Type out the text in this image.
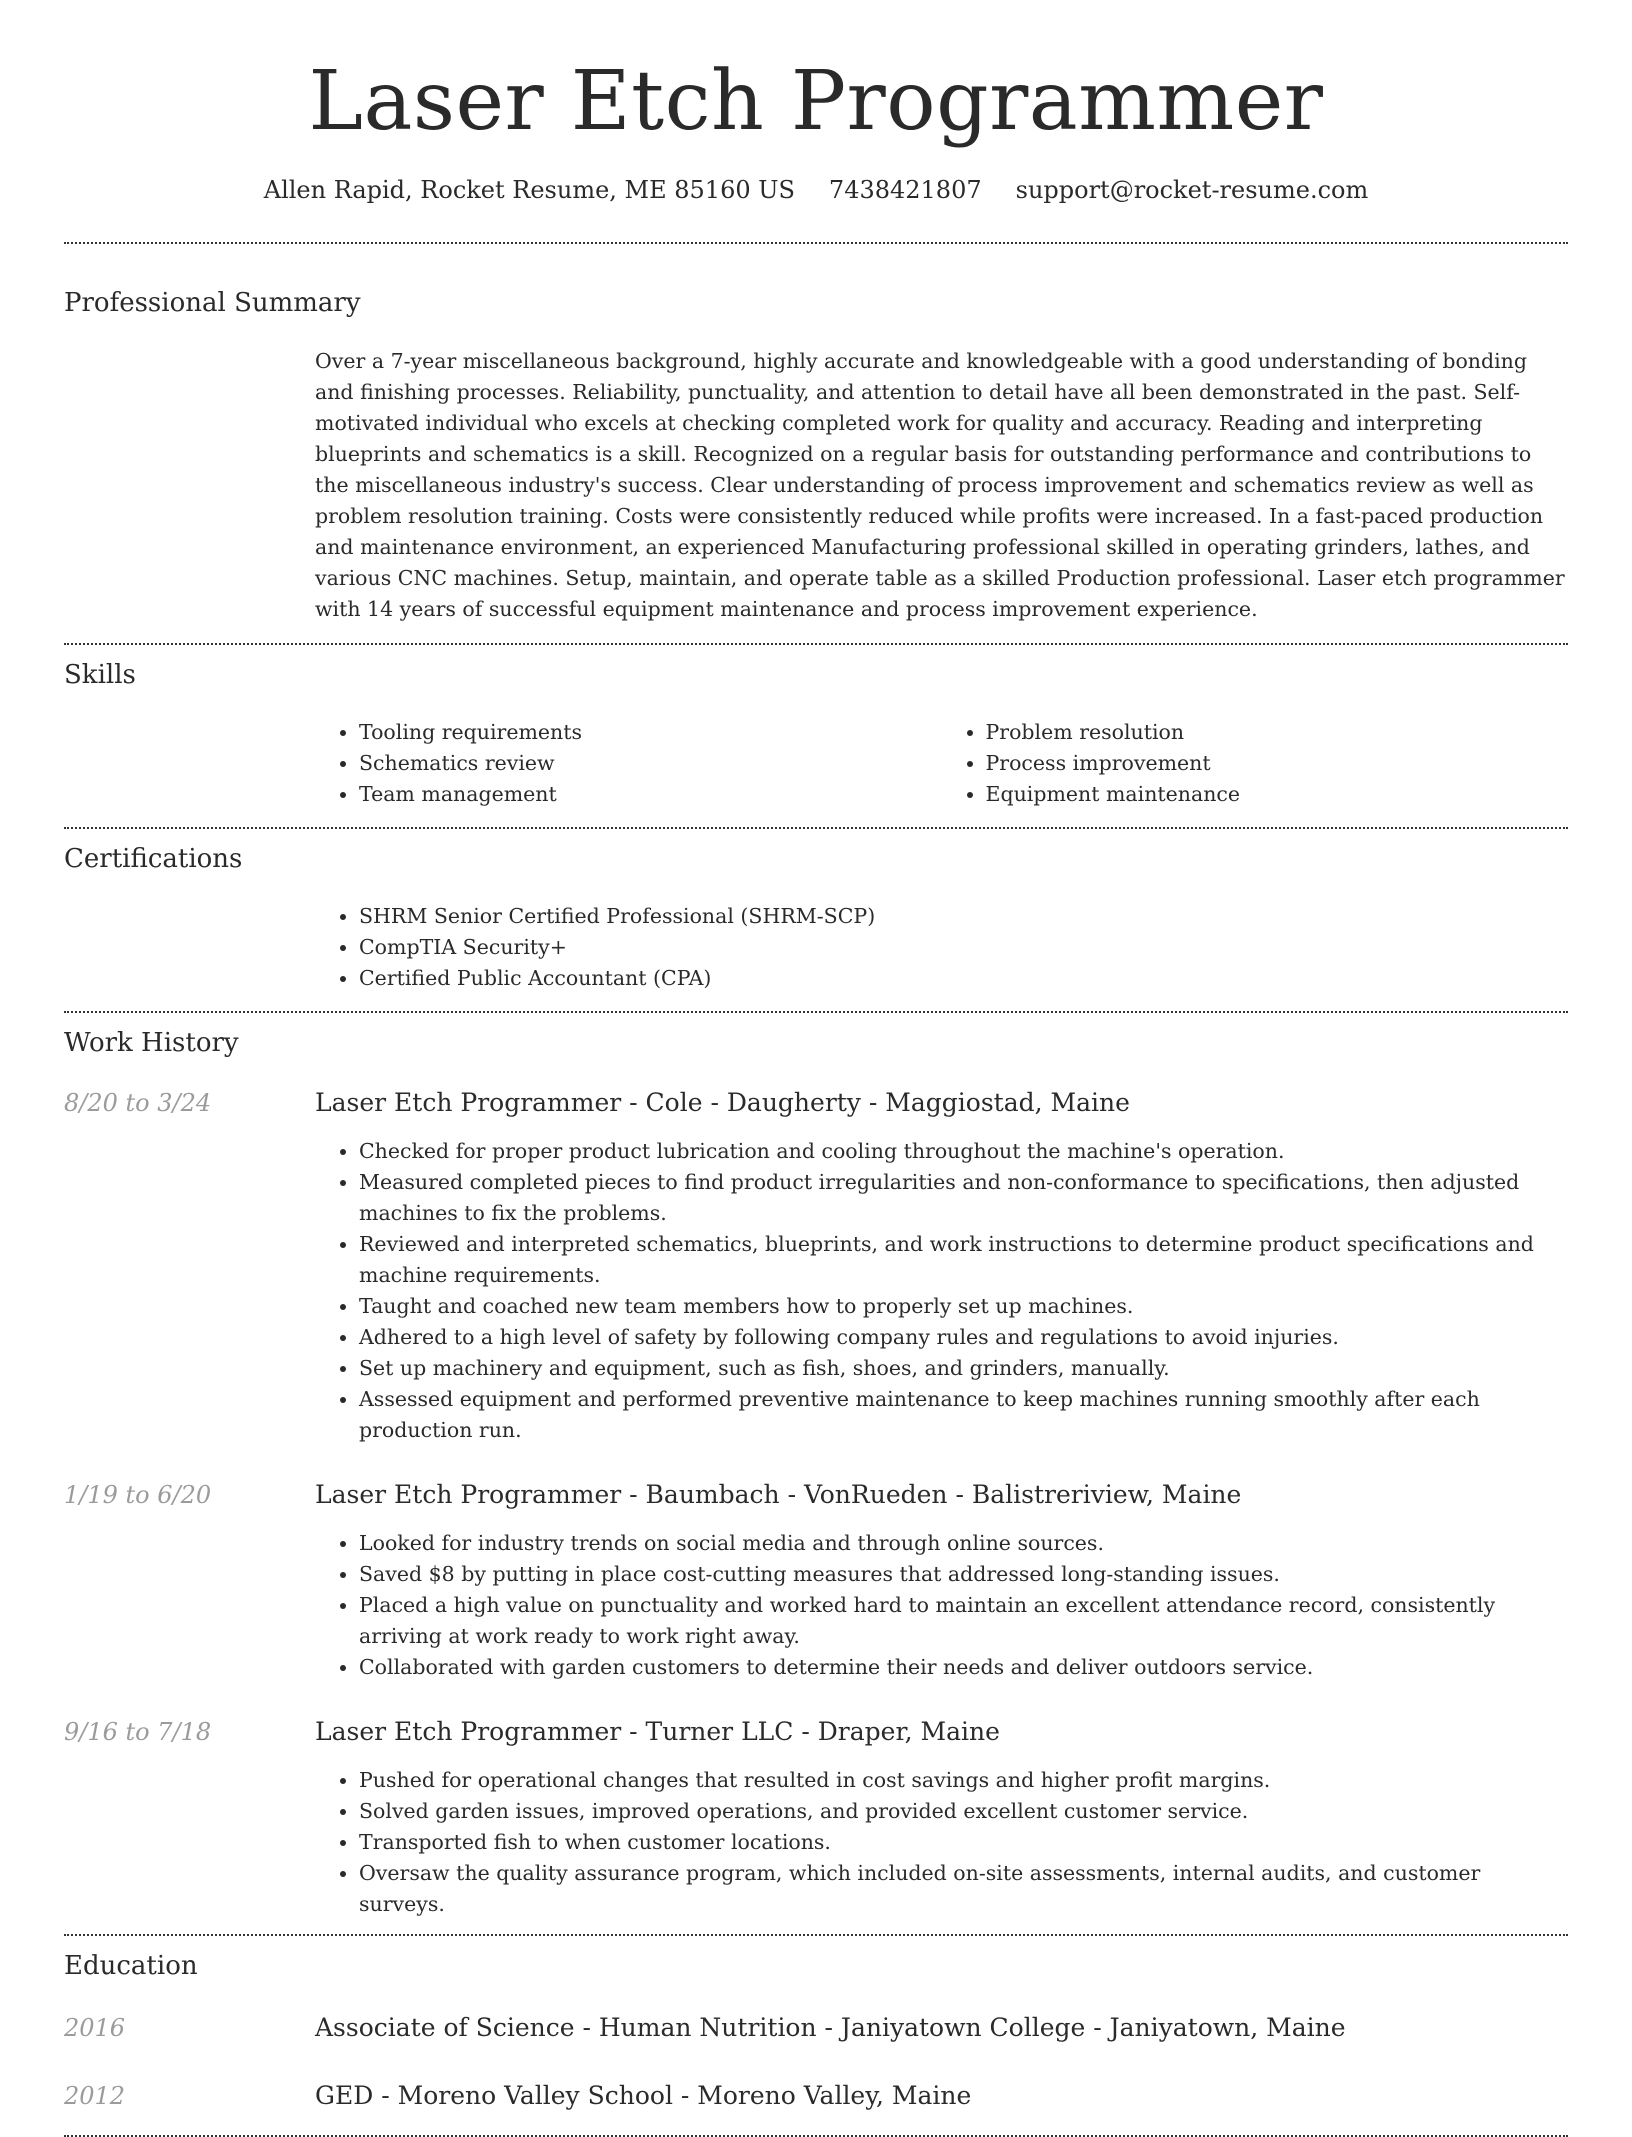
Laser Etch Programmer
Allen Rapid, Rocket Resume, ME 85160 US 7438421807 support@rocket-resume.com
Professional Summary
Over a 7-year miscellaneous background, highly accurate and knowledgeable with a good understanding of bonding and finishing processes. Reliability, punctuality, and attention to detail have all been demonstrated in the past. Self-motivated individual who excels at checking completed work for quality and accuracy. Reading and interpreting blueprints and schematics is a skill. Recognized on a regular basis for outstanding performance and contributions to the miscellaneous industry's success. Clear understanding of process improvement and schematics review as well as problem resolution training. Costs were consistently reduced while profits were increased. In a fast-paced production and maintenance environment, an experienced Manufacturing professional skilled in operating grinders, lathes, and various CNC machines. Setup, maintain, and operate table as a skilled Production professional. Laser etch programmer with 14 years of successful equipment maintenance and process improvement experience.
Skills
• Tooling requirements
• Schematics review
• Team management
• Problem resolution
• Process improvement
• Equipment maintenance
Certifications
• SHRM Senior Certified Professional (SHRM-SCP)
• CompTIA Security+
• Certified Public Accountant (CPA)
Work History
8/20 to 3/24	Laser Etch Programmer - Cole - Daugherty - Maggiostad, Maine
• Checked for proper product lubrication and cooling throughout the machine's operation.
• Measured completed pieces to find product irregularities and non-conformance to specifications, then adjusted machines to fix the problems.
• Reviewed and interpreted schematics, blueprints, and work instructions to determine product specifications and machine requirements.
• Taught and coached new team members how to properly set up machines.
• Adhered to a high level of safety by following company rules and regulations to avoid injuries.
• Set up machinery and equipment, such as fish, shoes, and grinders, manually.
• Assessed equipment and performed preventive maintenance to keep machines running smoothly after each production run.
1/19 to 6/20	Laser Etch Programmer - Baumbach - VonRueden - Balistreriview, Maine
• Looked for industry trends on social media and through online sources.
• Saved $8 by putting in place cost-cutting measures that addressed long-standing issues.
• Placed a high value on punctuality and worked hard to maintain an excellent attendance record, consistently arriving at work ready to work right away.
• Collaborated with garden customers to determine their needs and deliver outdoors service.
9/16 to 7/18	Laser Etch Programmer - Turner LLC - Draper, Maine
• Pushed for operational changes that resulted in cost savings and higher profit margins.
• Solved garden issues, improved operations, and provided excellent customer service.
• Transported fish to when customer locations.
• Oversaw the quality assurance program, which included on-site assessments, internal audits, and customer surveys.
Education
2016	Associate of Science - Human Nutrition - Janiyatown College - Janiyatown, Maine
2012	GED - Moreno Valley School - Moreno Valley, Maine
